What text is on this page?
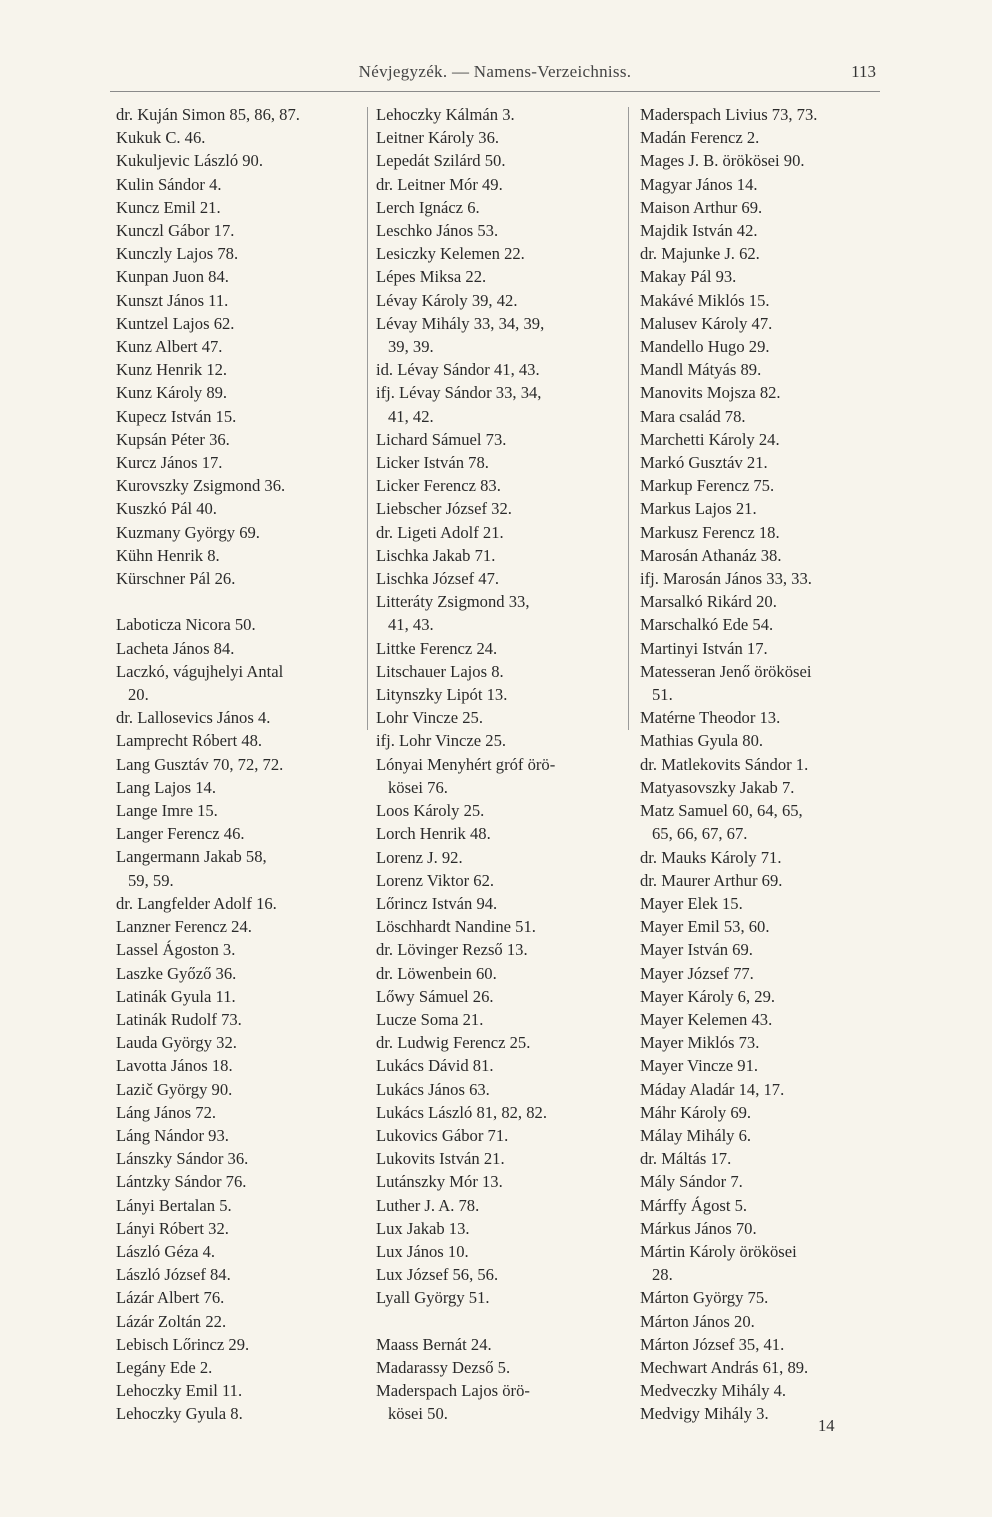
Névjegyzék. — Namens-Verzeichniss.	113
dr. Kuján Simon 85, 86, 87.
Kukuk C. 46.
Kukuljevic László 90.
Kulin Sándor 4.
Kuncz Emil 21.
Kunczl Gábor 17.
Kunczly Lajos 78.
Kunpan Juon 84.
Kunszt János 11.
Kuntzel Lajos 62.
Kunz Albert 47.
Kunz Henrik 12.
Kunz Károly 89.
Kupecz István 15.
Kupsán Péter 36.
Kurcz János 17.
Kurovszky Zsigmond 36.
Kuszkó Pál 40.
Kuzmany György 69.
Kühn Henrik 8.
Kürschner Pál 26.
Laboticza Nicora 50.
Lacheta János 84.
Laczkó, vágujhelyi Antal
20.
dr. Lallosevics János 4.
Lamprecht Róbert 48.
Lang Gusztáv 70, 72, 72.
Lang Lajos 14.
Lange Imre 15.
Langer Ferencz 46.
Langermann Jakab 58,
59, 59.
dr. Langfelder Adolf 16.
Lanzner Ferencz 24.
Lassel Ágoston 3.
Laszke Győző 36.
Latinák Gyula 11.
Latinák Rudolf 73.
Lauda György 32.
Lavotta János 18.
Lazič György 90.
Láng János 72.
Láng Nándor 93.
Lánszky Sándor 36.
Lántzky Sándor 76.
Lányi Bertalan 5.
Lányi Róbert 32.
László Géza 4.
László József 84.
Lázár Albert 76.
Lázár Zoltán 22.
Lebisch Lőrincz 29.
Legány Ede 2.
Lehoczky Emil 11.
Lehoczky Gyula 8.
Lehoczky Kálmán 3.
Leitner Károly 36.
Lepedát Szilárd 50.
dr. Leitner Mór 49.
Lerch Ignácz 6.
Leschko János 53.
Lesiczky Kelemen 22.
Lépes Miksa 22.
Lévay Károly 39, 42.
Lévay Mihály 33, 34, 39,
39, 39.
id. Lévay Sándor 41, 43.
ifj. Lévay Sándor 33, 34,
41, 42.
Lichard Sámuel 73.
Licker István 78.
Licker Ferencz 83.
Liebscher József 32.
dr. Ligeti Adolf 21.
Lischka Jakab 71.
Lischka József 47.
Litteráty Zsigmond 33,
41, 43.
Littke Ferencz 24.
Litschauer Lajos 8.
Litynszky Lipót 13.
Lohr Vincze 25.
ifj. Lohr Vincze 25.
Lónyai Menyhért gróf örö-
kösei 76.
Loos Károly 25.
Lorch Henrik 48.
Lorenz J. 92.
Lorenz Viktor 62.
Lőrincz István 94.
Löschhardt Nandine 51.
dr. Lövinger Rezső 13.
dr. Löwenbein 60.
Lőwy Sámuel 26.
Lucze Soma 21.
dr. Ludwig Ferencz 25.
Lukács Dávid 81.
Lukács János 63.
Lukács László 81, 82, 82.
Lukovics Gábor 71.
Lukovits István 21.
Lutánszky Mór 13.
Luther J. A. 78.
Lux Jakab 13.
Lux János 10.
Lux József 56, 56.
Lyall György 51.
Maass Bernát 24.
Madarassy Dezső 5.
Maderspach Lajos örö-
kösei 50.
Maderspach Livius 73, 73.
Madán Ferencz 2.
Mages J. B. örökösei 90.
Magyar János 14.
Maison Arthur 69.
Majdik István 42.
dr. Majunke J. 62.
Makay Pál 93.
Makávé Miklós 15.
Malusev Károly 47.
Mandello Hugo 29.
Mandl Mátyás 89.
Manovits Mojsza 82.
Mara család 78.
Marchetti Károly 24.
Markó Gusztáv 21.
Markup Ferencz 75.
Markus Lajos 21.
Markusz Ferencz 18.
Marosán Athanáz 38.
ifj. Marosán János 33, 33.
Marsalkó Rikárd 20.
Marschalkó Ede 54.
Martinyi István 17.
Matesseran Jenő örökösei
51.
Matérne Theodor 13.
Mathias Gyula 80.
dr. Matlekovits Sándor 1.
Matyasovszky Jakab 7.
Matz Samuel 60, 64, 65,
65, 66, 67, 67.
dr. Mauks Károly 71.
dr. Maurer Arthur 69.
Mayer Elek 15.
Mayer Emil 53, 60.
Mayer István 69.
Mayer József 77.
Mayer Károly 6, 29.
Mayer Kelemen 43.
Mayer Miklós 73.
Mayer Vincze 91.
Máday Aladár 14, 17.
Máhr Károly 69.
Málay Mihály 6.
dr. Máltás 17.
Mály Sándor 7.
Márffy Ágost 5.
Márkus János 70.
Mártin Károly örökösei
28.
Márton György 75.
Márton János 20.
Márton József 35, 41.
Mechwart András 61, 89.
Medveczky Mihály 4.
Medvigy Mihály 3.
14
